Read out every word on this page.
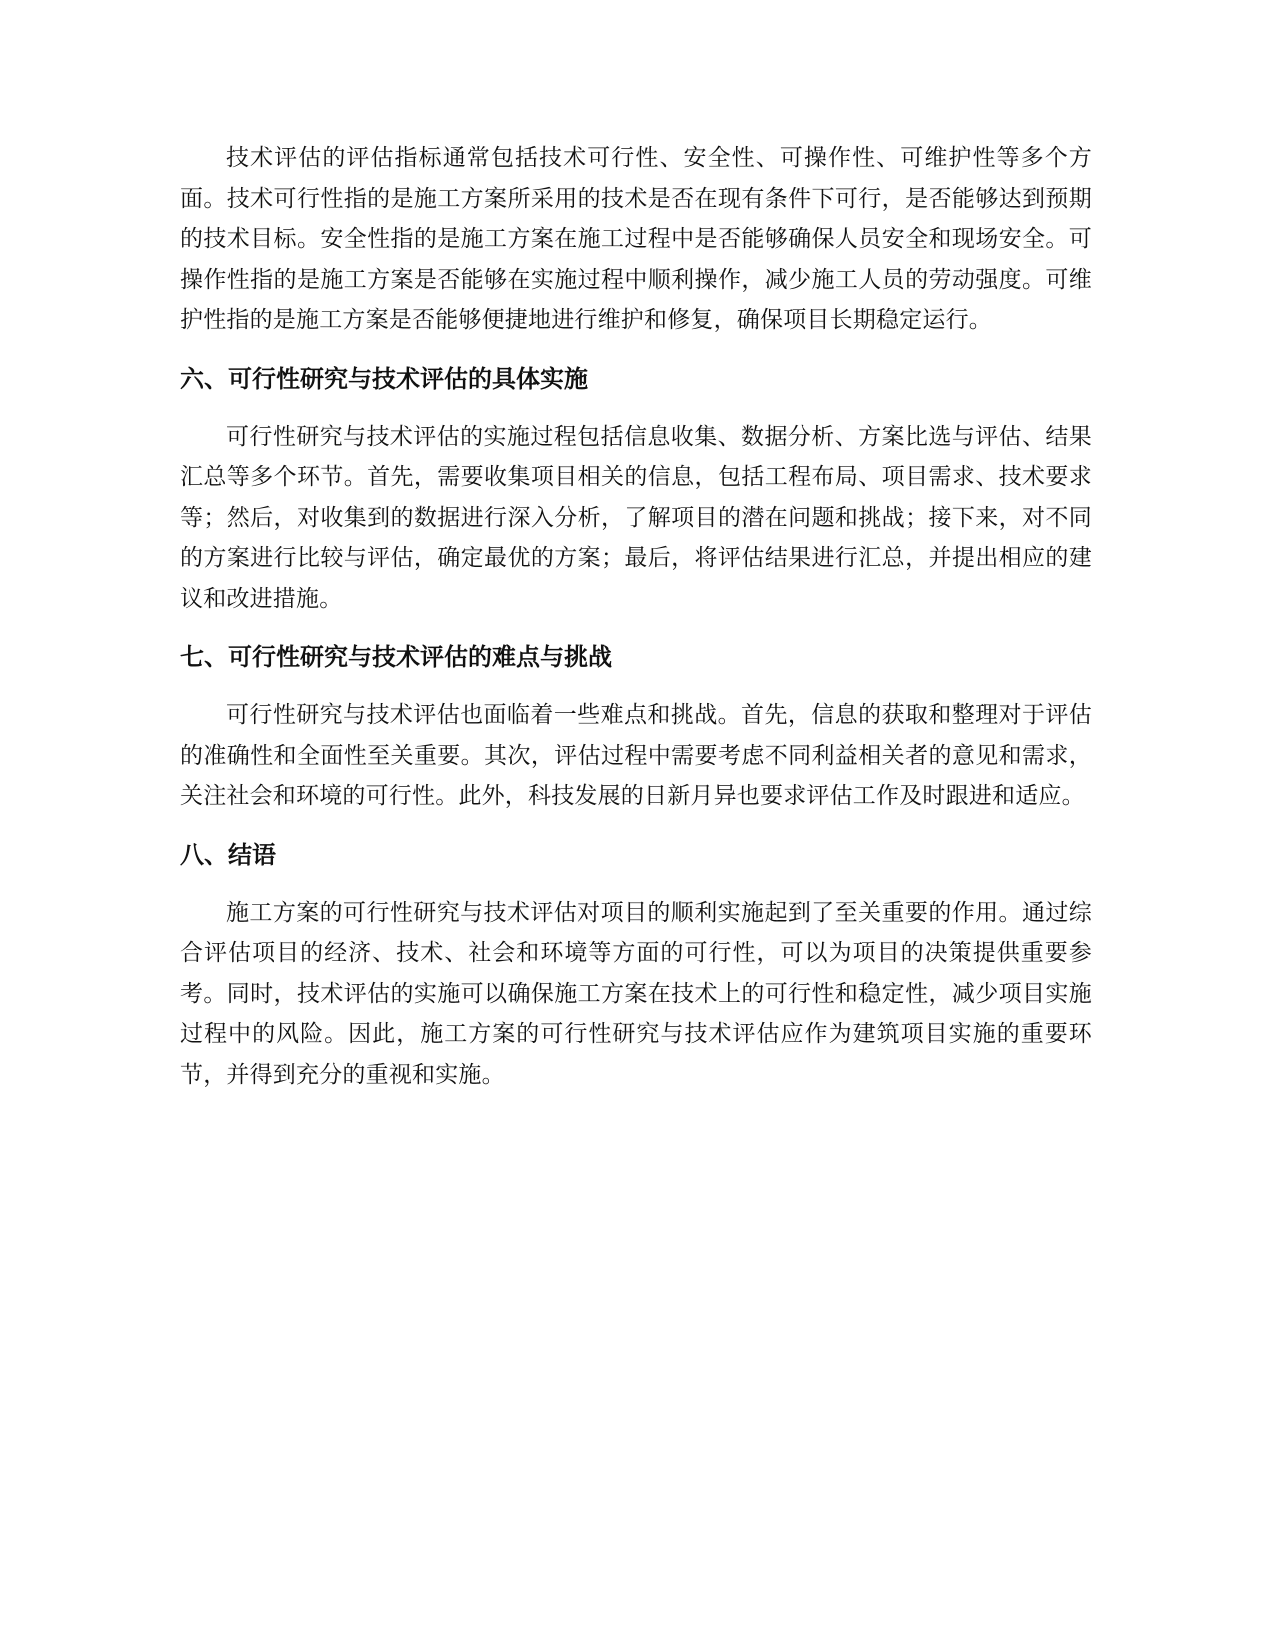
技术评估的评估指标通常包括技术可行性、安全性、可操作性、可维护性等多个方面。技术可行性指的是施工方案所采用的技术是否在现有条件下可行，是否能够达到预期的技术目标。安全性指的是施工方案在施工过程中是否能够确保人员安全和现场安全。可操作性指的是施工方案是否能够在实施过程中顺利操作，减少施工人员的劳动强度。可维护性指的是施工方案是否能够便捷地进行维护和修复，确保项目长期稳定运行。

六、可行性研究与技术评估的具体实施

可行性研究与技术评估的实施过程包括信息收集、数据分析、方案比选与评估、结果汇总等多个环节。首先，需要收集项目相关的信息，包括工程布局、项目需求、技术要求等；然后，对收集到的数据进行深入分析，了解项目的潜在问题和挑战；接下来，对不同的方案进行比较与评估，确定最优的方案；最后，将评估结果进行汇总，并提出相应的建议和改进措施。

七、可行性研究与技术评估的难点与挑战

可行性研究与技术评估也面临着一些难点和挑战。首先，信息的获取和整理对于评估的准确性和全面性至关重要。其次，评估过程中需要考虑不同利益相关者的意见和需求，关注社会和环境的可行性。此外，科技发展的日新月异也要求评估工作及时跟进和适应。

八、结语

施工方案的可行性研究与技术评估对项目的顺利实施起到了至关重要的作用。通过综合评估项目的经济、技术、社会和环境等方面的可行性，可以为项目的决策提供重要参考。同时，技术评估的实施可以确保施工方案在技术上的可行性和稳定性，减少项目实施过程中的风险。因此，施工方案的可行性研究与技术评估应作为建筑项目实施的重要环节，并得到充分的重视和实施。
